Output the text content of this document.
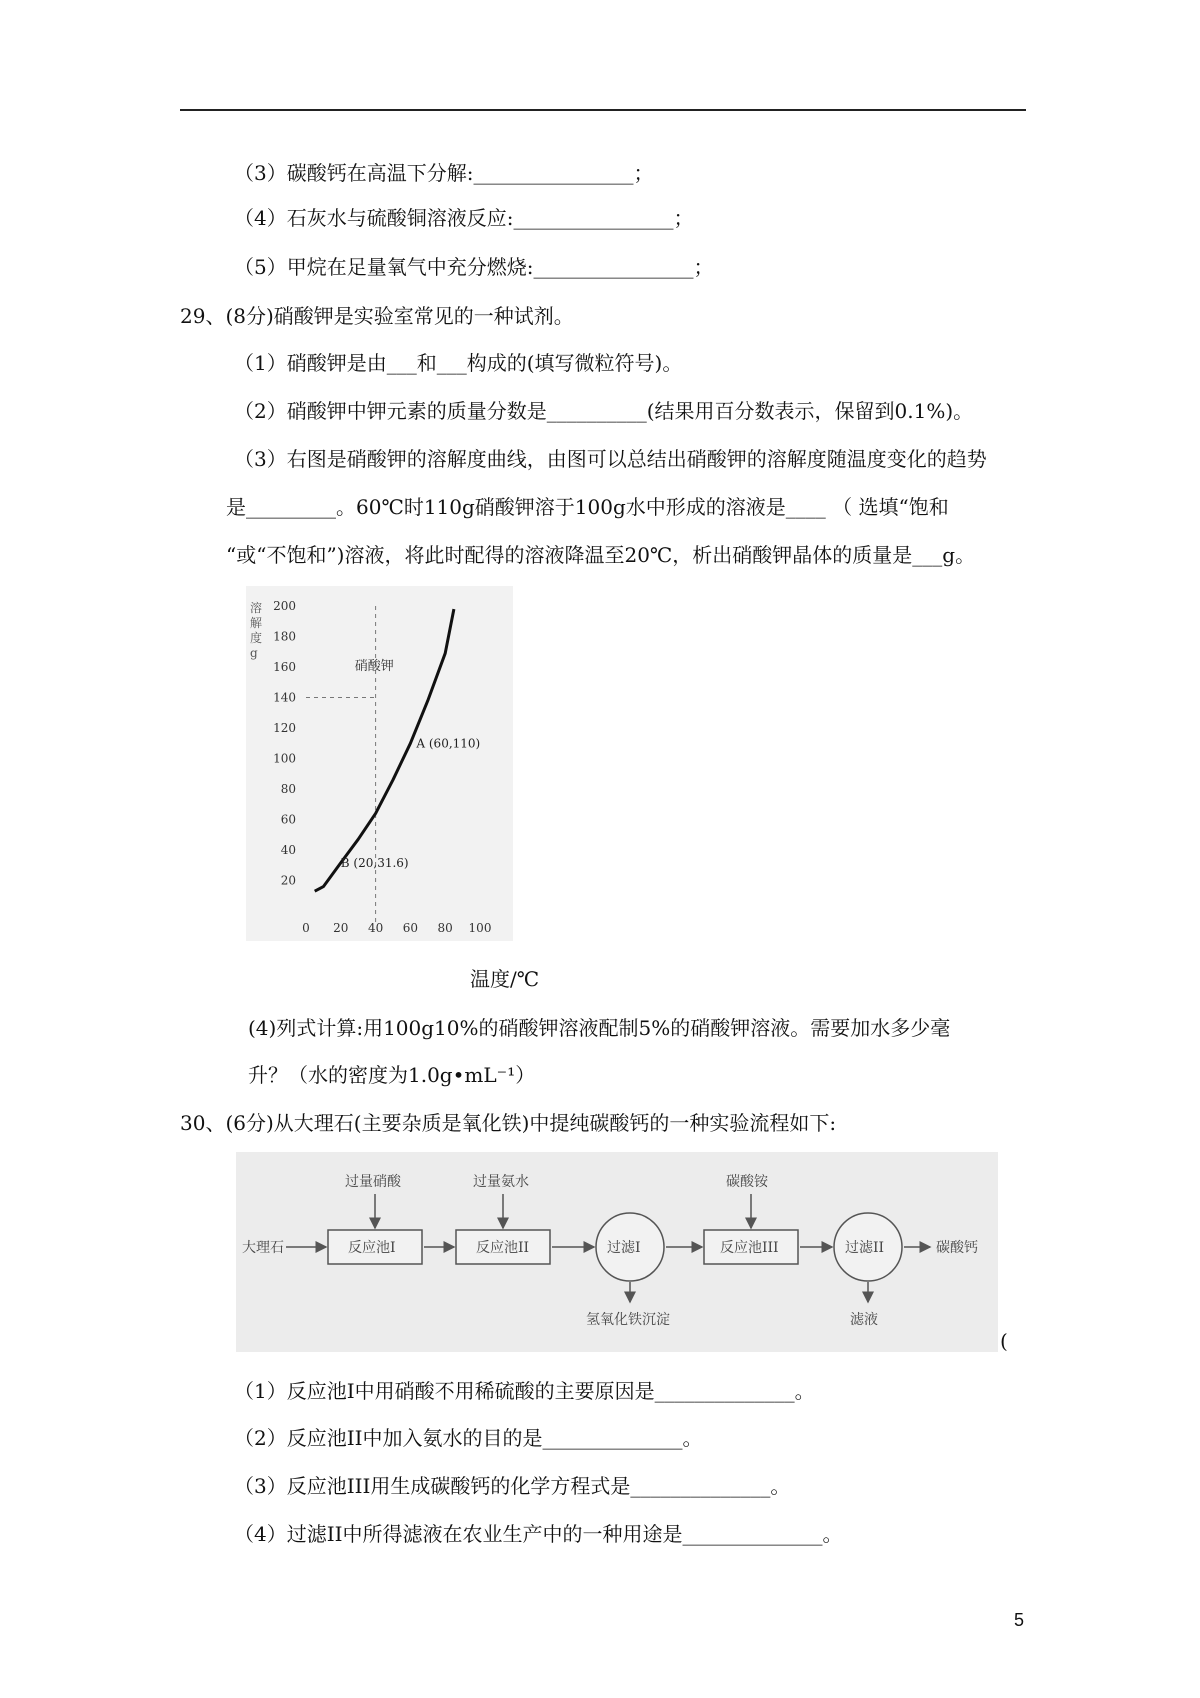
（3）碳酸钙在高温下分解:________________；
（4）石灰水与硫酸铜溶液反应:________________；
（5）甲烷在足量氧气中充分燃烧:________________；
29、(8分)硝酸钾是实验室常见的一种试剂。
（1）硝酸钾是由___和___构成的(填写微粒符号)。
（2）硝酸钾中钾元素的质量分数是__________(结果用百分数表示，保留到0.1%)。
（3）右图是硝酸钾的溶解度曲线，由图可以总结出硝酸钾的溶解度随温度变化的趋势
是_________。60℃时110g硝酸钾溶于100g水中形成的溶液是____ （ 选填“饱和
“或“不饱和”)溶液，将此时配得的溶液降温至20℃，析出硝酸钾晶体的质量是___g。
溶
解
度
g
20
40
60
80
100
120
140
160
180
200
0 20 40 60 80 100
硝酸钾
A (60,110)
B (20,31.6)
温度/℃
(4)列式计算:用100g10%的硝酸钾溶液配制5%的硝酸钾溶液。需要加水多少毫
升？（水的密度为1.0g•mL⁻¹）
30、(6分)从大理石(主要杂质是氧化铁)中提纯碳酸钙的一种实验流程如下:
大理石
过量硝酸	过量氨水	碳酸铵
反应池I	反应池II	过滤I	反应池III	过滤II	碳酸钙
氢氧化铁沉淀	滤液
(
（1）反应池I中用硝酸不用稀硫酸的主要原因是______________。
（2）反应池II中加入氨水的目的是______________。
（3）反应池III用生成碳酸钙的化学方程式是______________。
（4）过滤II中所得滤液在农业生产中的一种用途是______________。
5
